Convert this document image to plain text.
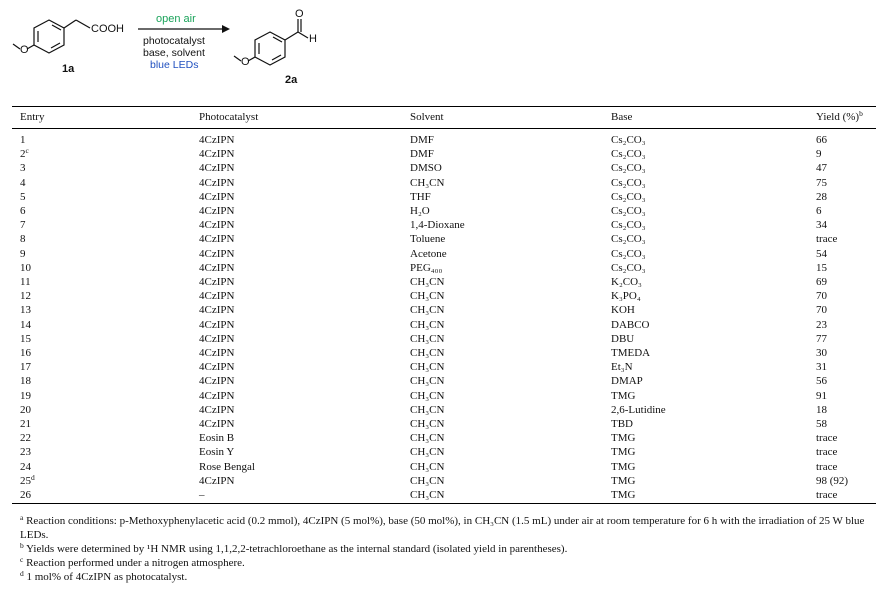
COOH
O
1a
open air
photocatalyst
base, solvent
blue LEDs
O
H
O
2a
Entry	Photocatalyst	Solvent	Base	Yield (%)$^b$
1	4CzIPN	DMF	Cs₂CO₃	66
2$^c$	4CzIPN	DMF	Cs₂CO₃	9
3	4CzIPN	DMSO	Cs₂CO₃	47
4	4CzIPN	CH₃CN	Cs₂CO₃	75
5	4CzIPN	THF	Cs₂CO₃	28
6	4CzIPN	H₂O	Cs₂CO₃	6
7	4CzIPN	1,4-Dioxane	Cs₂CO₃	34
8	4CzIPN	Toluene	Cs₂CO₃	trace
9	4CzIPN	Acetone	Cs₂CO₃	54
10	4CzIPN	PEG₄₀₀	Cs₂CO₃	15
11	4CzIPN	CH₃CN	K₂CO₃	69
12	4CzIPN	CH₃CN	K₃PO₄	70
13	4CzIPN	CH₃CN	KOH	70
14	4CzIPN	CH₃CN	DABCO	23
15	4CzIPN	CH₃CN	DBU	77
16	4CzIPN	CH₃CN	TMEDA	30
17	4CzIPN	CH₃CN	Et₃N	31
18	4CzIPN	CH₃CN	DMAP	56
19	4CzIPN	CH₃CN	TMG	91
20	4CzIPN	CH₃CN	2,6-Lutidine	18
21	4CzIPN	CH₃CN	TBD	58
22	Eosin B	CH₃CN	TMG	trace
23	Eosin Y	CH₃CN	TMG	trace
24	Rose Bengal	CH₃CN	TMG	trace
25$^d$	4CzIPN	CH₃CN	TMG	98 (92)
26	–	CH₃CN	TMG	trace
$^a$ Reaction conditions: p-Methoxyphenylacetic acid (0.2 mmol), 4CzIPN (5 mol%), base (50 mol%), in CH₃CN (1.5 mL) under air at room temperature for 6 h with the irradiation of 25 W blue LEDs.
$^b$ Yields were determined by ¹H NMR using 1,1,2,2-tetrachloroethane as the internal standard (isolated yield in parentheses).
$^c$ Reaction performed under a nitrogen atmosphere.
$^d$ 1 mol% of 4CzIPN as photocatalyst.
